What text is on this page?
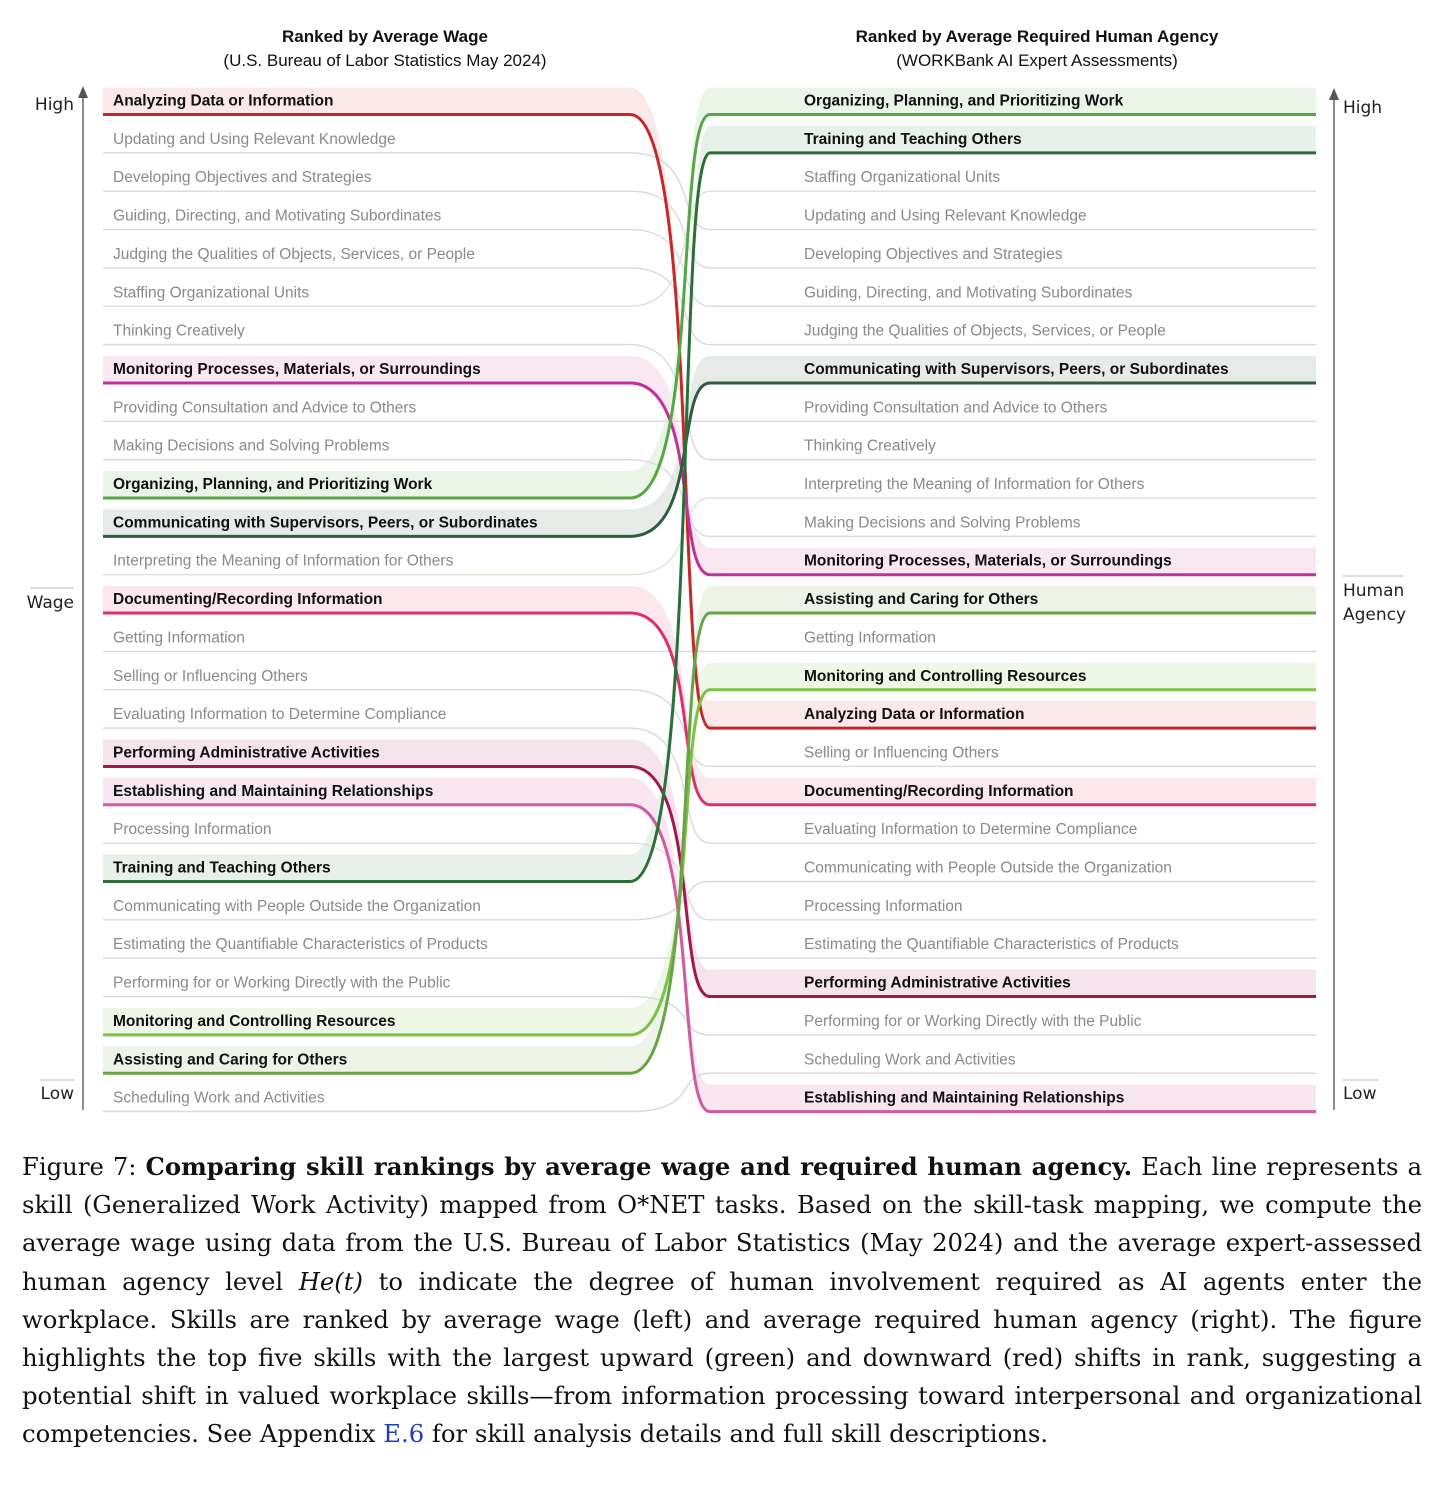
Updating and Using Relevant Knowledge
Updating and Using Relevant Knowledge
Developing Objectives and Strategies
Developing Objectives and Strategies
Guiding, Directing, and Motivating Subordinates
Guiding, Directing, and Motivating Subordinates
Judging the Qualities of Objects, Services, or People
Judging the Qualities of Objects, Services, or People
Staffing Organizational Units
Staffing Organizational Units
Thinking Creatively
Thinking Creatively
Providing Consultation and Advice to Others	Providing Consultation and Advice to Others
Making Decisions and Solving Problems
Making Decisions and Solving Problems
Interpreting the Meaning of Information for Others
Interpreting the Meaning of Information for Others
Getting Information	Getting Information
Selling or Influencing Others
Selling or Influencing Others
Evaluating Information to Determine Compliance
Evaluating Information to Determine Compliance
Processing Information
Processing Information
Communicating with People Outside the Organization
Communicating with People Outside the Organization
Estimating the Quantifiable Characteristics of Products	Estimating the Quantifiable Characteristics of Products
Performing for or Working Directly with the Public
Performing for or Working Directly with the Public
Scheduling Work and Activities
Scheduling Work and Activities
Analyzing Data or Information
Analyzing Data or Information
Monitoring Processes, Materials, or Surroundings
Monitoring Processes, Materials, or Surroundings
Organizing, Planning, and Prioritizing Work
Organizing, Planning, and Prioritizing Work
Communicating with Supervisors, Peers, or Subordinates
Communicating with Supervisors, Peers, or Subordinates
Documenting/Recording Information
Documenting/Recording Information
Performing Administrative Activities
Performing Administrative Activities
Establishing and Maintaining Relationships
Establishing and Maintaining Relationships
Training and Teaching Others
Training and Teaching Others
Monitoring and Controlling Resources
Monitoring and Controlling Resources
Assisting and Caring for Others
Assisting and Caring for Others
Ranked by Average Wage
(U.S. Bureau of Labor Statistics May 2024)
Ranked by Average Required Human Agency
(WORKBank AI Expert Assessments)
High
Wage
Low
High
Human Agency
Low
Figure 7: Comparing skill rankings by average wage and required human agency. Each line represents a skill (Generalized Work Activity) mapped from O*NET tasks. Based on the skill-task mapping, we compute the average wage using data from the U.S. Bureau of Labor Statistics (May 2024) and the average expert-assessed human agency level He(t) to indicate the degree of human involvement required as AI agents enter the workplace. Skills are ranked by average wage (left) and average required human agency (right). The figure highlights the top five skills with the largest upward (green) and downward (red) shifts in rank, suggesting a potential shift in valued workplace skills—from information processing toward interpersonal and organizational competencies. See Appendix E.6 for skill analysis details and full skill descriptions.
